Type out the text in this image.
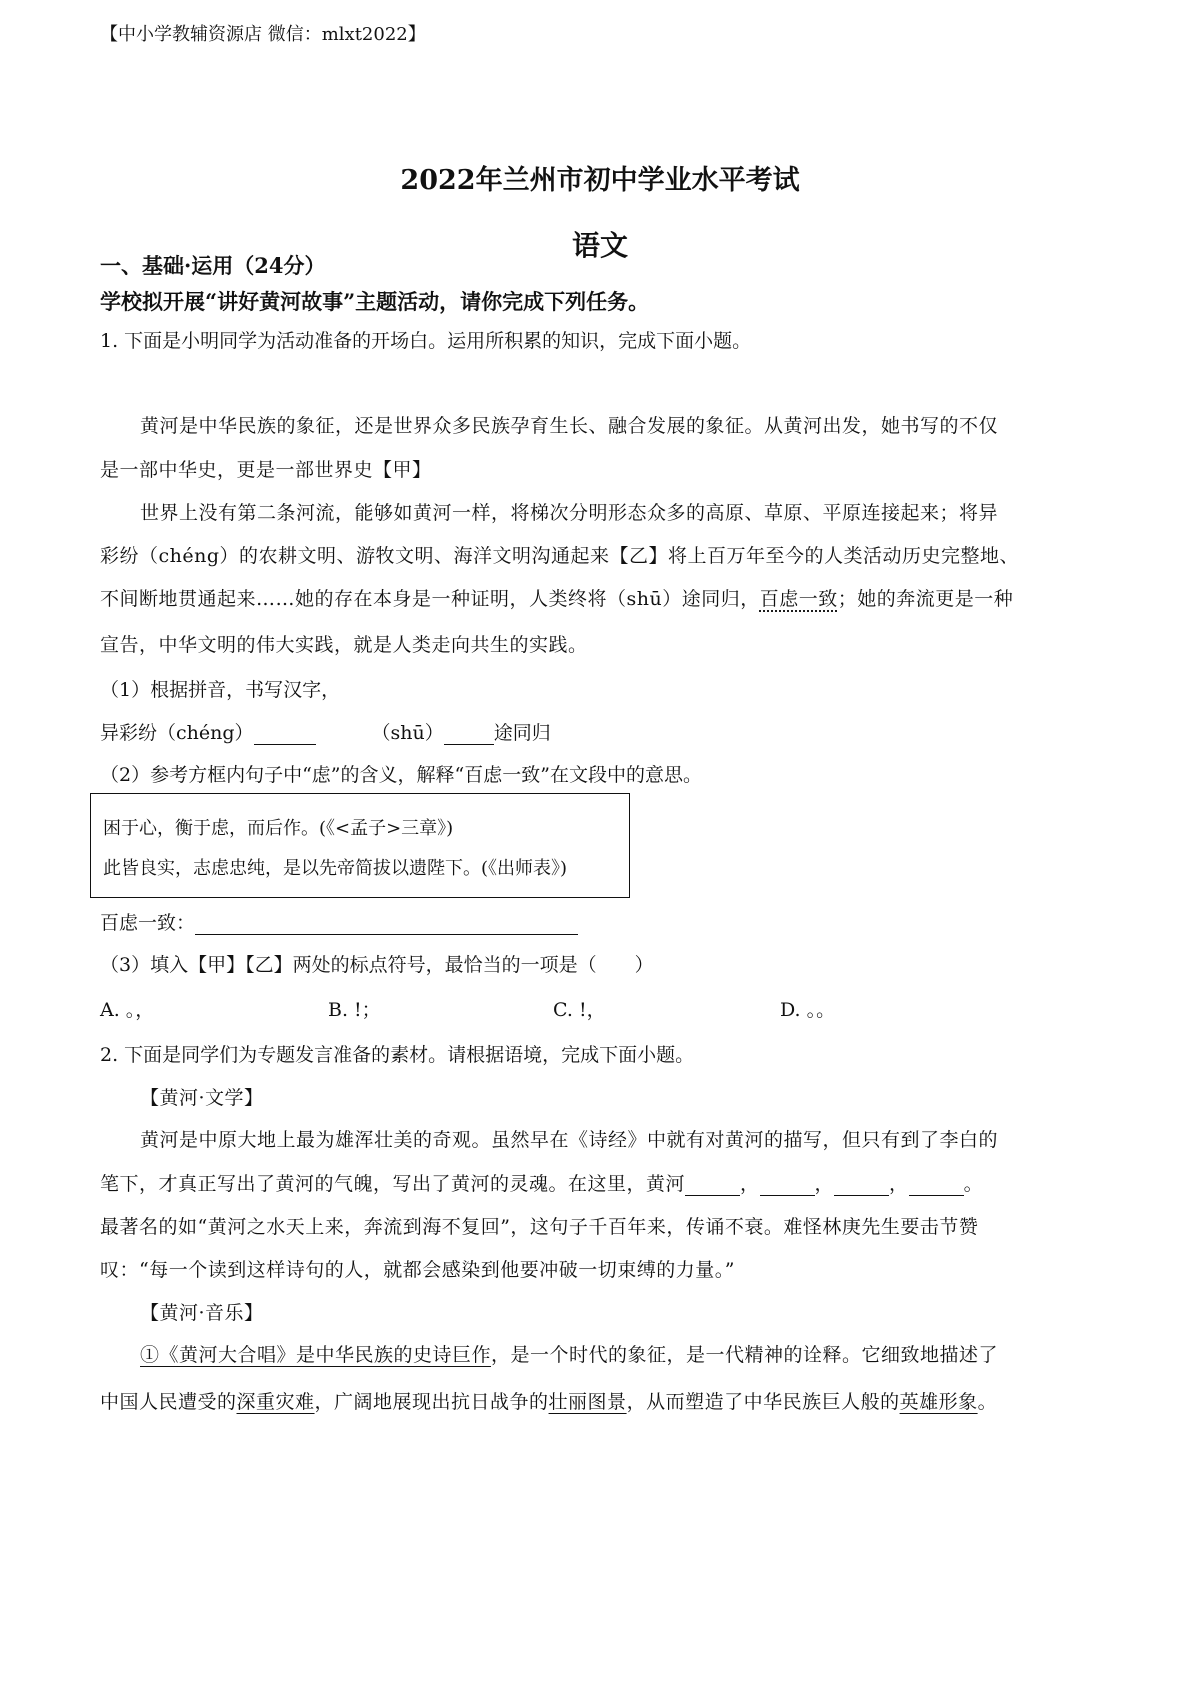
【中小学教辅资源店 微信：mlxt2022】
2022年兰州市初中学业水平考试
语文
一、基础·运用（24分）
学校拟开展“讲好黄河故事”主题活动，请你完成下列任务。
1. 下面是小明同学为活动准备的开场白。运用所积累的知识，完成下面小题。
黄河是中华民族的象征，还是世界众多民族孕育生长、融合发展的象征。从黄河出发，她书写的不仅
是一部中华史，更是一部世界史【甲】
世界上没有第二条河流，能够如黄河一样，将梯次分明形态众多的高原、草原、平原连接起来；将异
彩纷（chéng）的农耕文明、游牧文明、海洋文明沟通起来【乙】将上百万年至今的人类活动历史完整地、
不间断地贯通起来……她的存在本身是一种证明，人类终将（shū）途同归，百虑一致；她的奔流更是一种
宣告，中华文明的伟大实践，就是人类走向共生的实践。
（1）根据拼音，书写汉字，
异彩纷（chéng）	（shū）	途同归
（2）参考方框内句子中“虑”的含义，解释“百虑一致”在文段中的意思。
困于心，衡于虑，而后作。(《<孟子>三章》)
此皆良实，志虑忠纯，是以先帝简拔以遗陛下。(《出师表》)
百虑一致：
（3）填入【甲】【乙】两处的标点符号，最恰当的一项是（　　）
A. 。，	B. !；	C. !，	D. 。。
2. 下面是同学们为专题发言准备的素材。请根据语境，完成下面小题。
【黄河·文学】
黄河是中原大地上最为雄浑壮美的奇观。虽然早在《诗经》中就有对黄河的描写，但只有到了李白的
笔下，才真正写出了黄河的气魄，写出了黄河的灵魂。在这里，黄河	，	，	，	。
最著名的如“黄河之水天上来，奔流到海不复回”，这句子千百年来，传诵不衰。难怪林庚先生要击节赞
叹：“每一个读到这样诗句的人，就都会感染到他要冲破一切束缚的力量。”
【黄河·音乐】
①《黄河大合唱》是中华民族的史诗巨作，是一个时代的象征，是一代精神的诠释。它细致地描述了
中国人民遭受的深重灾难，广阔地展现出抗日战争的壮丽图景，从而塑造了中华民族巨人般的英雄形象。
